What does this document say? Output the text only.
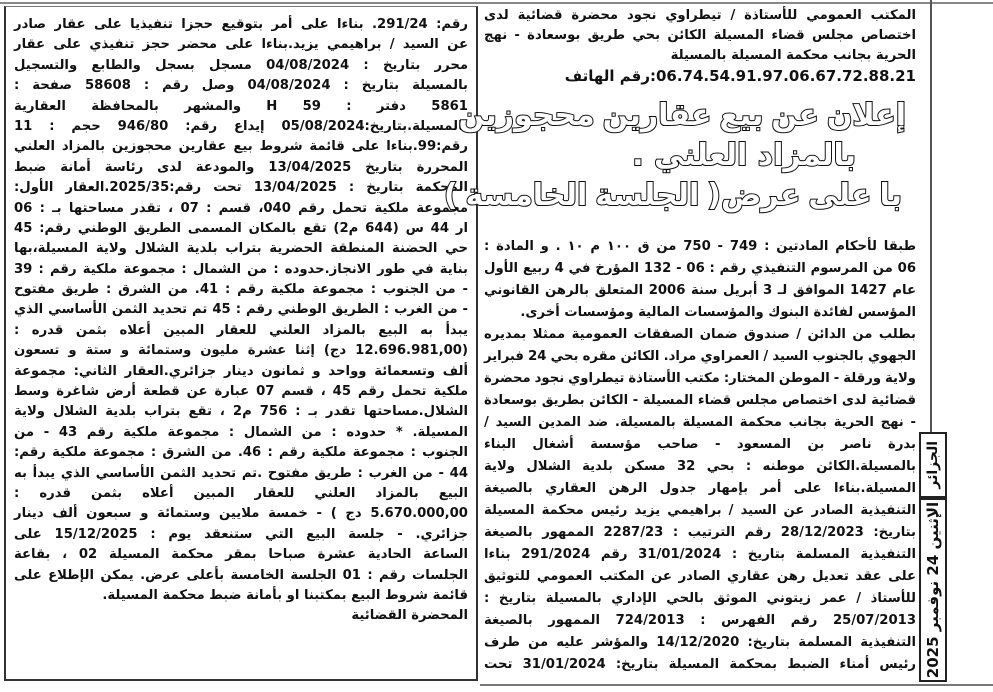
رقم: 291/24. بناءا على أمر بتوقيع حجزا تنفيذيا على عقار صادر
عن السيد / براهيمي يزيد.بناءا على محضر حجز تنفيذي على عقار
محرر بتاريخ : 04/08/2024 مسجل بسجل والطابع والتسجيل
بالمسيلة بتاريخ : 04/08/2024 وصل رقم : 58608 صفحة :
5861 دفتر : 59 H والمشهر بالمحافظة العقارية
بالمسيلة.بتاريخ:05/08/2024 إيداع رقم: 946/80 حجم : 11
رقم:99.بناءا على قائمة شروط بيع عقارين محجوزين بالمزاد العلني
المحررة بتاريخ 13/04/2025 والمودعة لدى رئاسة أمانة ضبط
المحكمة بتاريخ : 13/04/2025 تحت رقم:2025/35.العقار الأول:
مجموعة ملكية تحمل رقم 040، قسم : 07 ، تقدر مساحتها بـ : 06
ار 44 س (644 م2) تقع بالمكان المسمى الطريق الوطني رقم: 45
حي الحضنة المنطقة الحضرية بتراب بلدية الشلال ولاية المسيلة،بها
بناية في طور الانجاز.حدوده : من الشمال : مجموعة ملكية رقم : 39
- من الجنوب : مجموعة ملكية رقم : 41. من الشرق : طريق مفتوح
- من الغرب : الطريق الوطني رقم : 45 تم تحديد الثمن الأساسي الذي
يبدأ به البيع بالمزاد العلني للعقار المبين أعلاه بثمن قدره :
(12.696.981,00 دج) إثنا عشرة مليون وستمائة و ستة و تسعون
ألف وتسعمائة وواحد و ثمانون دينار جزائري.العقار الثاني: مجموعة
ملكية تحمل رقم 45 ، قسم 07 عبارة عن قطعة أرض شاغرة وسط
الشلال.مساحتها تقدر بـ : 756 م2 ، تقع بتراب بلدية الشلال ولاية
المسيلة. * حدوده : من الشمال : مجموعة ملكية رقم 43 - من
الجنوب : مجموعة ملكية رقم : 46. من الشرق : مجموعة ملكية رقم:
44 - من الغرب : طريق مفتوح .تم تحديد الثمن الأساسي الذي يبدأ به
البيع بالمزاد العلني للعقار المبين أعلاه بثمن قدره :
5.670.000,00 دج ) - خمسة ملايين وستمائة و سبعون ألف دينار
جزائري. - جلسة البيع التي ستنعقد يوم : 15/12/2025 على
الساعة الحادية عشرة صباحا بمقر محكمة المسيلة 02 ، بقاعة
الجلسات رقم : 01 الجلسة الخامسة بأعلى عرض. يمكن الإطلاع على
قائمة شروط البيع بمكتبنا او بأمانة ضبط محكمة المسيلة.
المحضرة القضائية
المكتب العمومي للأستاذة / تيطراوي نجود محضرة قضائية لدى
اختصاص مجلس قضاء المسيلة الكائن بحي طريق بوسعادة - نهج
الحرية بجانب محكمة المسيلة بالمسيلة
06.74.54.91.97.06.67.72.88.21:رقم الهاتف
إعلان عن بيع عقارين محجوزين
بالمزاد العلني .
با على عرض( الجلسة الخامسة )
طبقا لأحكام المادتين : 749 - 750 من ق ١٠٠ م ١٠ . و المادة :
06 من المرسوم التنفيذي رقم : 06 - 132 المؤرخ في 4 ربيع الأول
عام 1427 الموافق لـ 3 أبريل سنة 2006 المتعلق بالرهن القانوني
المؤسس لفائدة البنوك والمؤسسات المالية ومؤسسات أخرى.
بطلب من الدائن / صندوق ضمان الصفقات العمومية ممثلا بمديره
الجهوي بالجنوب السيد / العمراوي مراد. الكائن مقره بحي 24 فبراير
ولاية ورقلة - الموطن المختار: مكتب الأستاذة تيطراوي نجود محضرة
قضائية لدى اختصاص مجلس قضاء المسيلة - الكائن بطريق بوسعادة
- نهج الحرية بجانب محكمة المسيلة بالمسيلة. ضد المدين السيد /
بدرة ناصر بن المسعود - صاحب مؤسسة أشغال البناء
بالمسيلة.الكائن موطنه : بحي 32 مسكن بلدية الشلال ولاية
المسيلة.بناءا على أمر بإمهار جدول الرهن العقاري بالصيغة
التنفيذية الصادر عن السيد / براهيمي يزيد رئيس محكمة المسيلة
بتاريخ: 28/12/2023 رقم الترتيب : 2287/23 الممهور بالصيغة
التنفيذية المسلمة بتاريخ : 31/01/2024 رقم 291/2024 بناءا
على عقد تعديل رهن عقاري الصادر عن المكتب العمومي للتوثيق
للأستاذ / عمر زيتوني الموثق بالحي الإداري بالمسيلة بتاريخ :
25/07/2013 رقم الفهرس : 724/2013 الممهور بالصيغة
التنفيذية المسلمة بتاريخ: 14/12/2020 والمؤشر عليه من طرف
رئيس أمناء الضبط بمحكمة المسيلة بتاريخ: 31/01/2024 تحت
الجزائر
الإثنين 24 نوفمبر 2025
